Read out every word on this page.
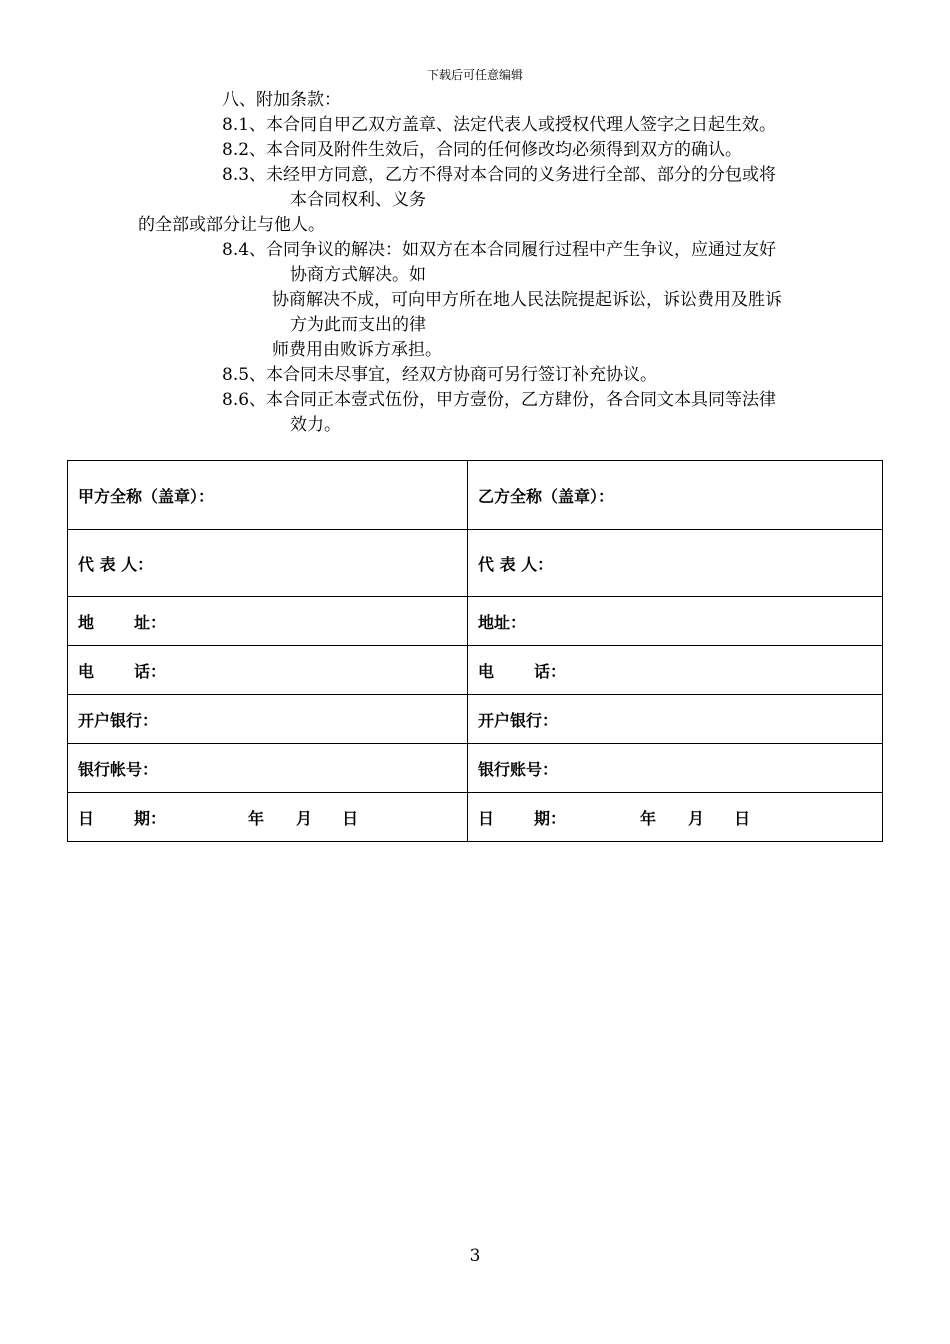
下载后可任意编辑
八、附加条款：
8.1、本合同自甲乙双方盖章、法定代表人或授权代理人签字之日起生效。
8.2、本合同及附件生效后，合同的任何修改均必须得到双方的确认。
8.3、未经甲方同意，乙方不得对本合同的义务进行全部、部分的分包或将
本合同权利、义务
的全部或部分让与他人。
8.4、合同争议的解决：如双方在本合同履行过程中产生争议，应通过友好
协商方式解决。如
协商解决不成，可向甲方所在地人民法院提起诉讼，诉讼费用及胜诉
方为此而支出的律
师费用由败诉方承担。
8.5、本合同未尽事宜，经双方协商可另行签订补充协议。
8.6、本合同正本壹式伍份，甲方壹份，乙方肆份，各合同文本具同等法律
效力。
甲方全称（盖章）：	乙方全称（盖章）：
代 表 人：	代 表 人：
地 址：	地址：
电 话：	电 话：
开户银行：	开户银行：
银行帐号：	银行账号：
日 期： 年 月 日	日 期： 年 月 日
3
